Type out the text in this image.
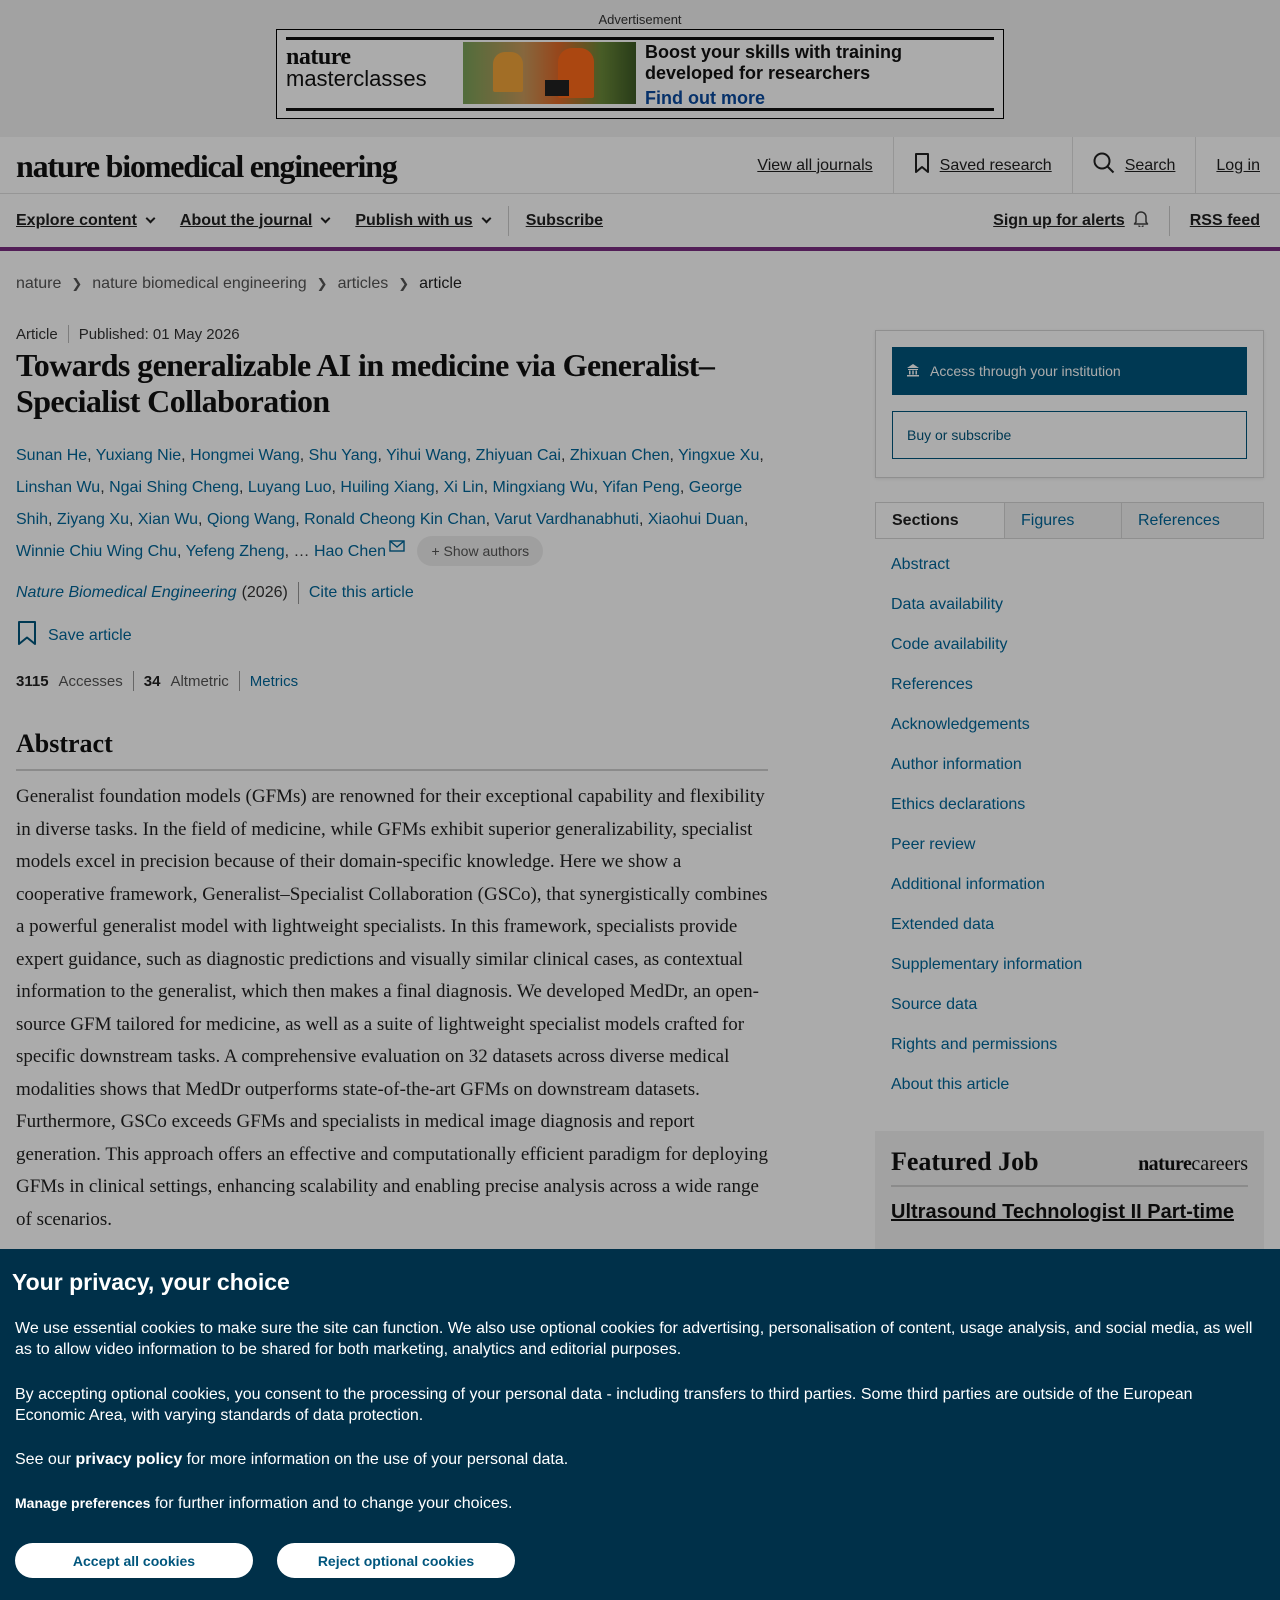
Advertisement
nature
masterclasses
Boost your skills with training developed for researchers
Find out more
nature biomedical engineering	View all journals	Saved research	Search	Log in
Explore content	About the journal	Publish with us	Subscribe	Sign up for alerts	RSS feed
nature ❯ nature biomedical engineering ❯ articles ❯ article
Article Published: 01 May 2026
Towards generalizable AI in medicine via Generalist–Specialist Collaboration
Sunan He, Yuxiang Nie, Hongmei Wang, Shu Yang, Yihui Wang, Zhiyuan Cai, Zhixuan Chen, Yingxue Xu, Linshan Wu, Ngai Shing Cheng, Luyang Luo, Huiling Xiang, Xi Lin, Mingxiang Wu, Yifan Peng, George Shih, Ziyang Xu, Xian Wu, Qiong Wang, Ronald Cheong Kin Chan, Varut Vardhanabhuti, Xiaohui Duan, Winnie Chiu Wing Chu, Yefeng Zheng, … Hao Chen	+ Show authors
Nature Biomedical Engineering (2026) Cite this article
Save article
3115 Accesses 34 Altmetric Metrics
Abstract

Generalist foundation models (GFMs) are renowned for their exceptional capability and flexibility in diverse tasks. In the field of medicine, while GFMs exhibit superior generalizability, specialist models excel in precision because of their domain-specific knowledge. Here we show a cooperative framework, Generalist–Specialist Collaboration (GSCo), that synergistically combines a powerful generalist model with lightweight specialists. In this framework, specialists provide expert guidance, such as diagnostic predictions and visually similar clinical cases, as contextual information to the generalist, which then makes a final diagnosis. We developed MedDr, an open-source GFM tailored for medicine, as well as a suite of lightweight specialist models crafted for specific downstream tasks. A comprehensive evaluation on 32 datasets across diverse medical modalities shows that MedDr outperforms state-of-the-art GFMs on downstream datasets. Furthermore, GSCo exceeds GFMs and specialists in medical image diagnosis and report generation. This approach offers an effective and computationally efficient paradigm for deploying GFMs in clinical settings, enhancing scalability and enabling precise analysis across a wide range of scenarios.

Access through your institution
Buy or subscribe
Sections	Figures	References
Abstract
Data availability
Code availability
References
Acknowledgements
Author information
Ethics declarations
Peer review
Additional information
Extended data
Supplementary information
Source data
Rights and permissions
About this article
Featured Job	naturecareers
Ultrasound Technologist II Part-time
Your privacy, your choice

We use essential cookies to make sure the site can function. We also use optional cookies for advertising, personalisation of content, usage analysis, and social media, as well as to allow video information to be shared for both marketing, analytics and editorial purposes.

By accepting optional cookies, you consent to the processing of your personal data - including transfers to third parties. Some third parties are outside of the European Economic Area, with varying standards of data protection.

See our privacy policy for more information on the use of your personal data.

Manage preferences for further information and to change your choices.

Accept all cookies	Reject optional cookies
